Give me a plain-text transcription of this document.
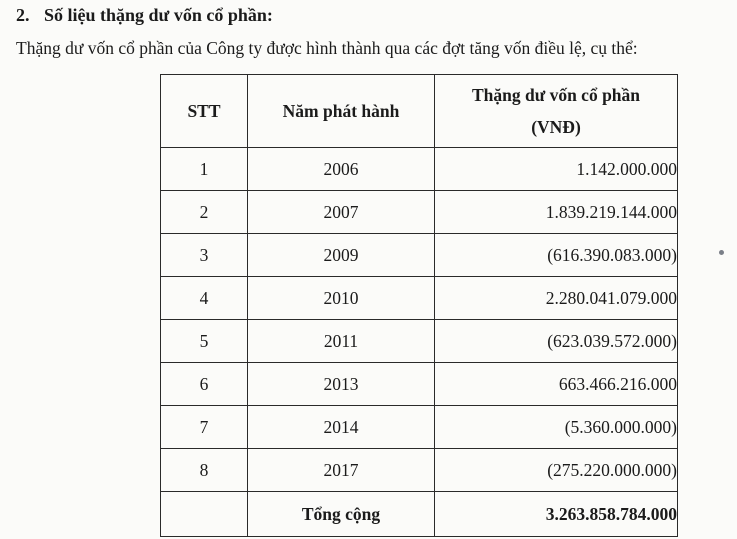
2. Số liệu thặng dư vốn cổ phần:
Thặng dư vốn cổ phần của Công ty được hình thành qua các đợt tăng vốn điều lệ, cụ thể:
STT	Năm phát hành	Thặng dư vốn cổ phần
(VNĐ)

1	2006	1.142.000.000
2	2007	1.839.219.144.000
3	2009	(616.390.083.000)
4	2010	2.280.041.079.000
5	2011	(623.039.572.000)
6	2013	663.466.216.000
7	2014	(5.360.000.000)
8	2017	(275.220.000.000)
	Tổng cộng	3.263.858.784.000
